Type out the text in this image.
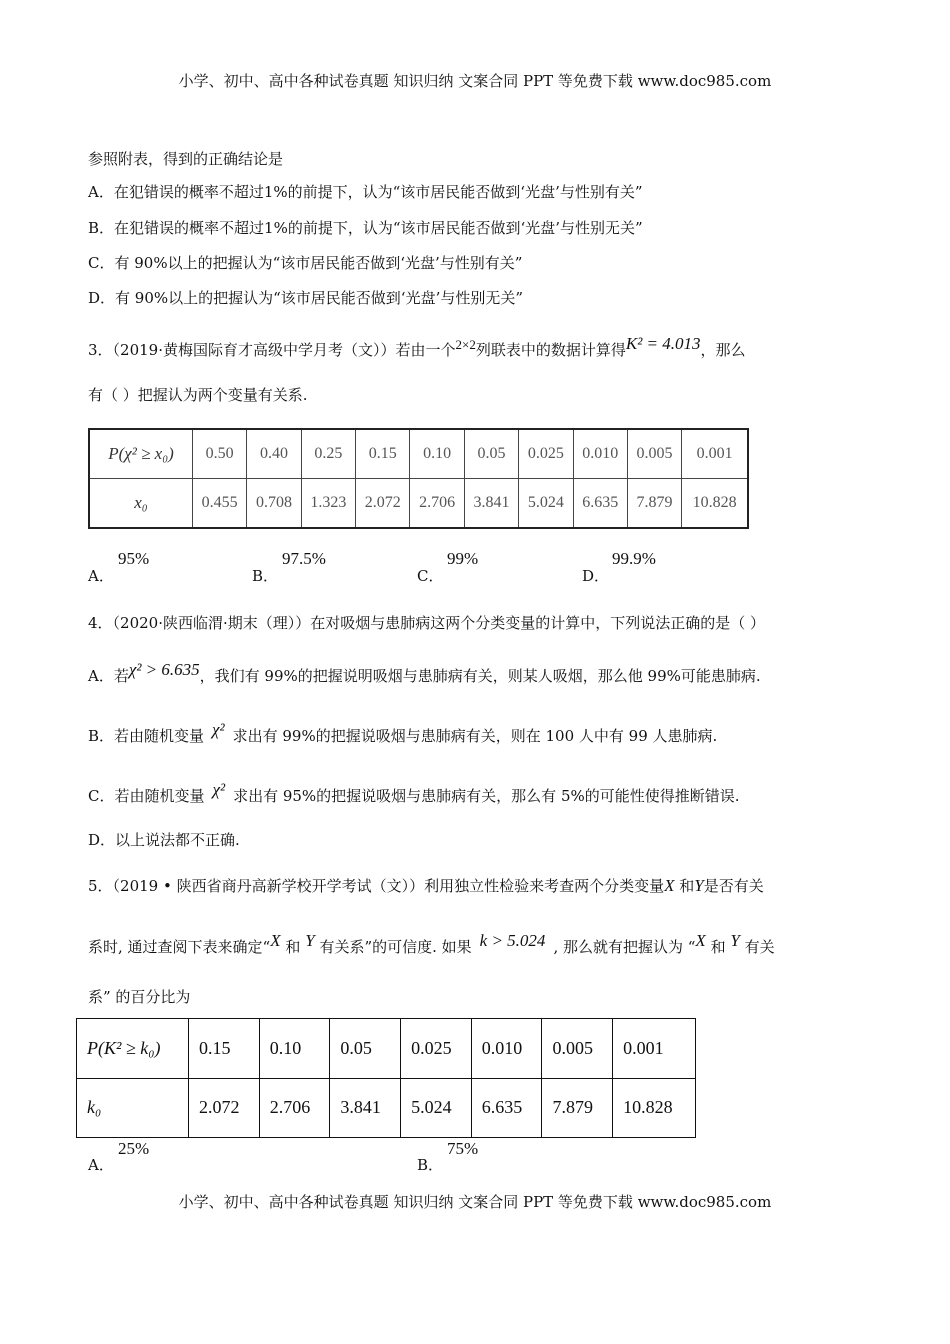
小学、初中、高中各种试卷真题 知识归纳 文案合同 PPT 等免费下载 www.doc985.com
参照附表，得到的正确结论是
A．在犯错误的概率不超过1%的前提下，认为“该市居民能否做到‘光盘’与性别有关”
B．在犯错误的概率不超过1%的前提下，认为“该市居民能否做到‘光盘’与性别无关”
C．有 90%以上的把握认为“该市居民能否做到‘光盘’与性别有关”
D．有 90%以上的把握认为“该市居民能否做到‘光盘’与性别无关”
3．（2019·黄梅国际育才高级中学月考（文））若由一个$^{2\times 2}$列联表中的数据计算得$^{K^2 = 4.013}$，那么
有（ ）把握认为两个变量有关系.
P(χ² ≥ x₀)	0.50	0.40	0.25	0.15	0.10	0.05	0.025	0.010	0.005	0.001
x₀	0.455	0.708	1.323	2.072	2.706	3.841	5.024	6.635	7.879	10.828
A．
95%
B．
97.5%
C．
99%
D．
99.9%
4．（2020·陕西临渭·期末（理））在对吸烟与患肺病这两个分类变量的计算中，下列说法正确的是（ ）
A．若$^{\chi^2 > 6.635}$，我们有 99%的把握说明吸烟与患肺病有关，则某人吸烟，那么他 99%可能患肺病.
B．若由随机变量 $^{\chi^2}$ 求出有 99%的把握说吸烟与患肺病有关，则在 100 人中有 99 人患肺病.
C．若由随机变量 $^{\chi^2}$ 求出有 95%的把握说吸烟与患肺病有关，那么有 5%的可能性使得推断错误.
D．以上说法都不正确.
5．（2019 • 陕西省商丹高新学校开学考试（文））利用独立性检验来考查两个分类变量X 和Y是否有关
系时, 通过查阅下表来确定“$^X$ 和 $^Y$ 有关系”的可信度. 如果 $^{k > 5.024}$ , 那么就有把握认为 “$^X$ 和 $^Y$ 有关
系” 的百分比为
P(K² ≥ k₀)	0.15	0.10	0.05	0.025	0.010	0.005	0.001
k₀	2.072	2.706	3.841	5.024	6.635	7.879	10.828
A．
25%
B．
75%
小学、初中、高中各种试卷真题 知识归纳 文案合同 PPT 等免费下载 www.doc985.com
